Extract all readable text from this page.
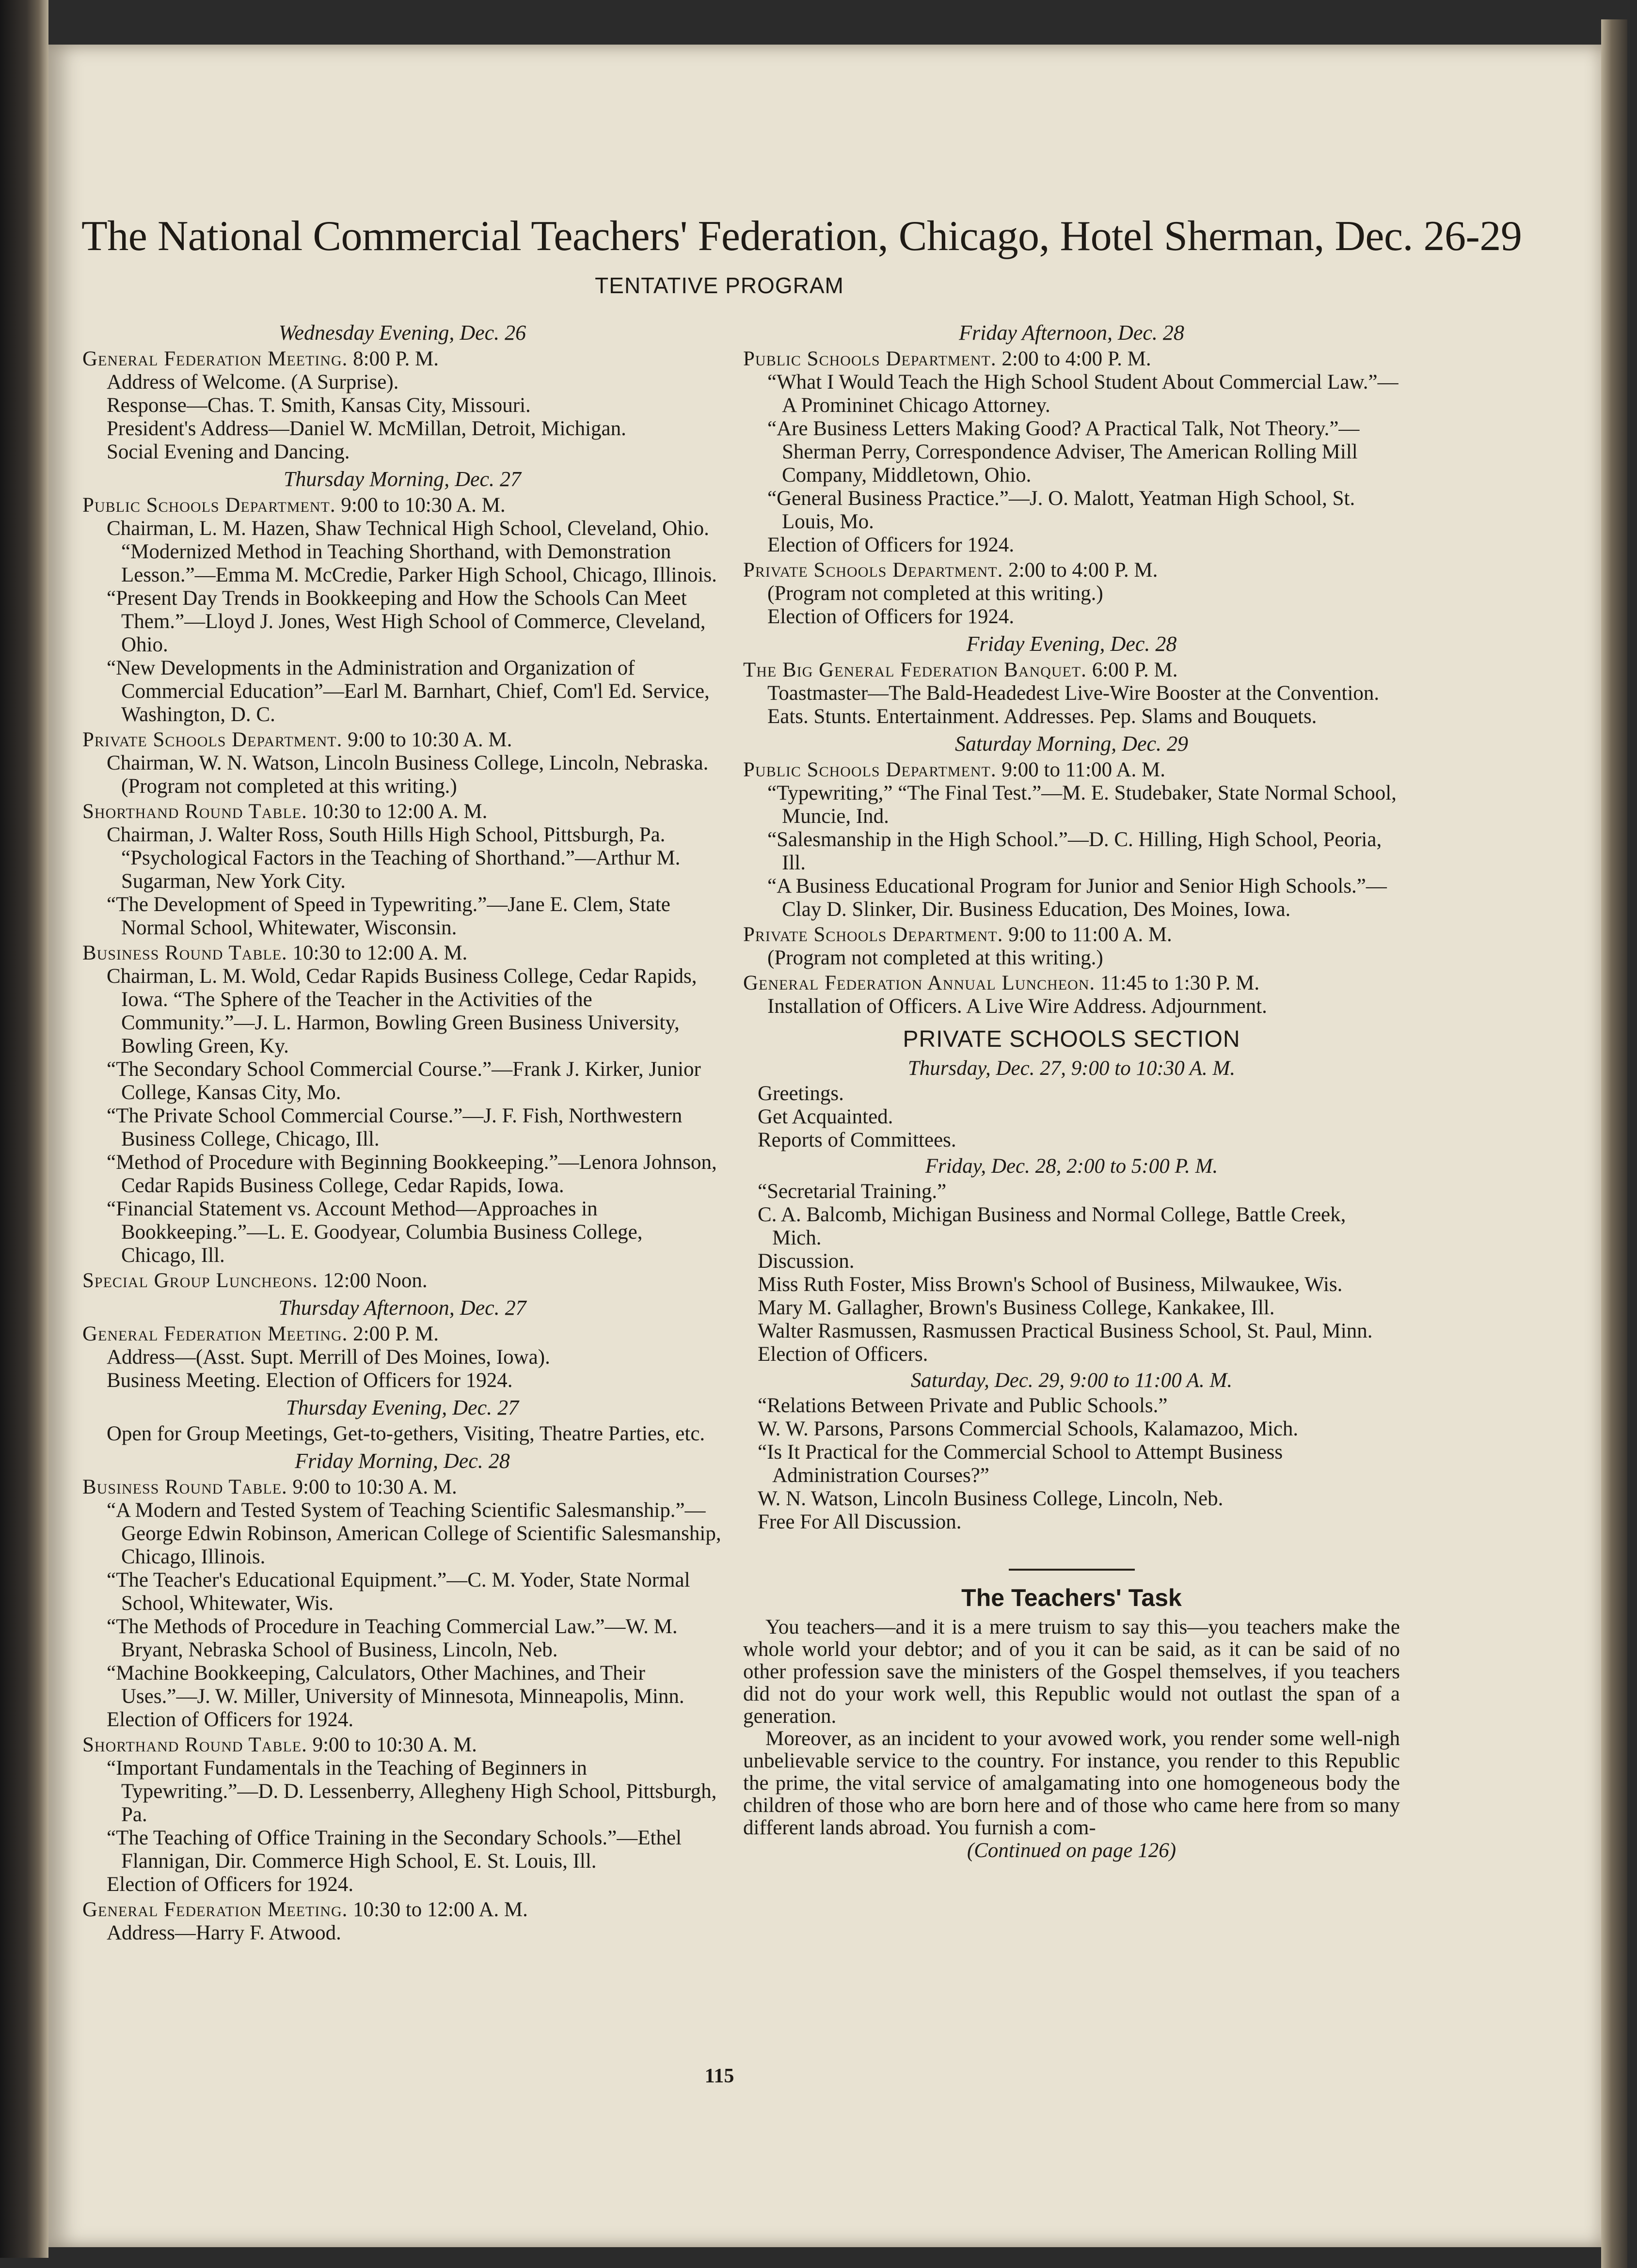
The National Commercial Teachers' Federation, Chicago, Hotel Sherman, Dec. 26-29
TENTATIVE PROGRAM
Wednesday Evening, Dec. 26
General Federation Meeting. 8:00 P. M.
Address of Welcome. (A Surprise).
Response—Chas. T. Smith, Kansas City, Missouri.
President's Address—Daniel W. McMillan, Detroit, Michigan.
Social Evening and Dancing.
Thursday Morning, Dec. 27
Public Schools Department. 9:00 to 10:30 A. M.
Chairman, L. M. Hazen, Shaw Technical High School, Cleveland, Ohio. “Modernized Method in Teaching Shorthand, with Demonstration Lesson.”—Emma M. McCredie, Parker High School, Chicago, Illinois.
“Present Day Trends in Bookkeeping and How the Schools Can Meet Them.”—Lloyd J. Jones, West High School of Commerce, Cleveland, Ohio.
“New Developments in the Administration and Organization of Commercial Education”—Earl M. Barnhart, Chief, Com'l Ed. Service, Washington, D. C.
Private Schools Department. 9:00 to 10:30 A. M.
Chairman, W. N. Watson, Lincoln Business College, Lincoln, Nebraska. (Program not completed at this writing.)
Shorthand Round Table. 10:30 to 12:00 A. M.
Chairman, J. Walter Ross, South Hills High School, Pittsburgh, Pa. “Psychological Factors in the Teaching of Shorthand.”—Arthur M. Sugarman, New York City.
“The Development of Speed in Typewriting.”—Jane E. Clem, State Normal School, Whitewater, Wisconsin.
Business Round Table. 10:30 to 12:00 A. M.
Chairman, L. M. Wold, Cedar Rapids Business College, Cedar Rapids, Iowa. “The Sphere of the Teacher in the Activities of the Community.”—J. L. Harmon, Bowling Green Business University, Bowling Green, Ky.
“The Secondary School Commercial Course.”—Frank J. Kirker, Junior College, Kansas City, Mo.
“The Private School Commercial Course.”—J. F. Fish, Northwestern Business College, Chicago, Ill.
“Method of Procedure with Beginning Bookkeeping.”—Lenora Johnson, Cedar Rapids Business College, Cedar Rapids, Iowa.
“Financial Statement vs. Account Method—Approaches in Bookkeeping.”—L. E. Goodyear, Columbia Business College, Chicago, Ill.
Special Group Luncheons. 12:00 Noon.
Thursday Afternoon, Dec. 27
General Federation Meeting. 2:00 P. M.
Address—(Asst. Supt. Merrill of Des Moines, Iowa).
Business Meeting. Election of Officers for 1924.
Thursday Evening, Dec. 27
Open for Group Meetings, Get-to-gethers, Visiting, Theatre Parties, etc.
Friday Morning, Dec. 28
Business Round Table. 9:00 to 10:30 A. M.
“A Modern and Tested System of Teaching Scientific Salesmanship.”—George Edwin Robinson, American College of Scientific Salesmanship, Chicago, Illinois.
“The Teacher's Educational Equipment.”—C. M. Yoder, State Normal School, Whitewater, Wis.
“The Methods of Procedure in Teaching Commercial Law.”—W. M. Bryant, Nebraska School of Business, Lincoln, Neb.
“Machine Bookkeeping, Calculators, Other Machines, and Their Uses.”—J. W. Miller, University of Minnesota, Minneapolis, Minn.
Election of Officers for 1924.
Shorthand Round Table. 9:00 to 10:30 A. M.
“Important Fundamentals in the Teaching of Beginners in Typewriting.”—D. D. Lessenberry, Allegheny High School, Pittsburgh, Pa.
“The Teaching of Office Training in the Secondary Schools.”—Ethel Flannigan, Dir. Commerce High School, E. St. Louis, Ill.
Election of Officers for 1924.
General Federation Meeting. 10:30 to 12:00 A. M.
Address—Harry F. Atwood.
Friday Afternoon, Dec. 28
Public Schools Department. 2:00 to 4:00 P. M.
“What I Would Teach the High School Student About Commercial Law.”—A Promininet Chicago Attorney.
“Are Business Letters Making Good? A Practical Talk, Not Theory.”—Sherman Perry, Correspondence Adviser, The American Rolling Mill Company, Middletown, Ohio.
“General Business Practice.”—J. O. Malott, Yeatman High School, St. Louis, Mo.
Election of Officers for 1924.
Private Schools Department. 2:00 to 4:00 P. M.
(Program not completed at this writing.)
Election of Officers for 1924.
Friday Evening, Dec. 28
The Big General Federation Banquet. 6:00 P. M.
Toastmaster—The Bald-Headedest Live-Wire Booster at the Convention.
Eats. Stunts. Entertainment. Addresses. Pep. Slams and Bouquets.
Saturday Morning, Dec. 29
Public Schools Department. 9:00 to 11:00 A. M.
“Typewriting,” “The Final Test.”—M. E. Studebaker, State Normal School, Muncie, Ind.
“Salesmanship in the High School.”—D. C. Hilling, High School, Peoria, Ill.
“A Business Educational Program for Junior and Senior High Schools.”—Clay D. Slinker, Dir. Business Education, Des Moines, Iowa.
Private Schools Department. 9:00 to 11:00 A. M.
(Program not completed at this writing.)
General Federation Annual Luncheon. 11:45 to 1:30 P. M.
Installation of Officers. A Live Wire Address. Adjournment.
PRIVATE SCHOOLS SECTION
Thursday, Dec. 27, 9:00 to 10:30 A. M.
Greetings.
Get Acquainted.
Reports of Committees.
Friday, Dec. 28, 2:00 to 5:00 P. M.
“Secretarial Training.”
C. A. Balcomb, Michigan Business and Normal College, Battle Creek, Mich.
Discussion.
Miss Ruth Foster, Miss Brown's School of Business, Milwaukee, Wis.
Mary M. Gallagher, Brown's Business College, Kankakee, Ill.
Walter Rasmussen, Rasmussen Practical Business School, St. Paul, Minn.
Election of Officers.
Saturday, Dec. 29, 9:00 to 11:00 A. M.
“Relations Between Private and Public Schools.”
W. W. Parsons, Parsons Commercial Schools, Kalamazoo, Mich.
“Is It Practical for the Commercial School to Attempt Business Administration Courses?”
W. N. Watson, Lincoln Business College, Lincoln, Neb.
Free For All Discussion.
The Teachers' Task
You teachers—and it is a mere truism to say this—you teachers make the whole world your debtor; and of you it can be said, as it can be said of no other profession save the ministers of the Gospel themselves, if you teachers did not do your work well, this Republic would not outlast the span of a generation.
Moreover, as an incident to your avowed work, you render some well-nigh unbelievable service to the country. For instance, you render to this Republic the prime, the vital service of amalgamating into one homogeneous body the children of those who are born here and of those who came here from so many different lands abroad. You furnish a com-
(Continued on page 126)
115
